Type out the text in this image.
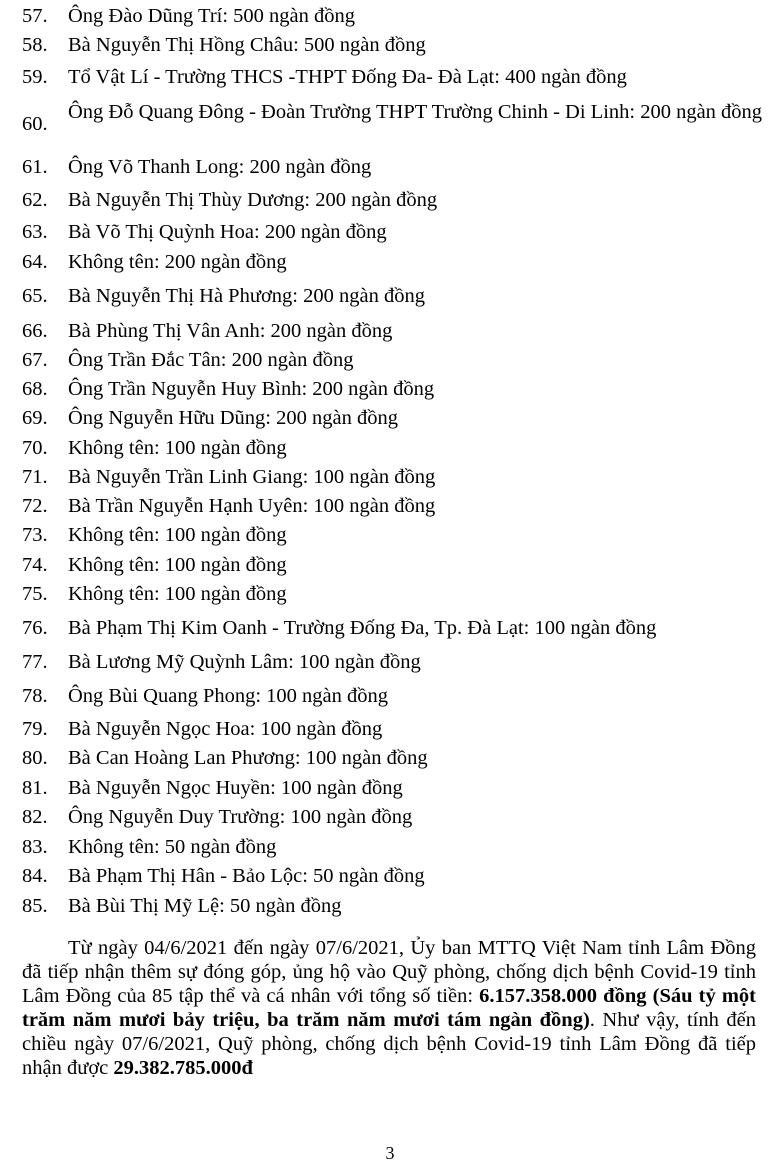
57. Ông Đào Dũng Trí: 500 ngàn đồng
58. Bà Nguyễn Thị Hồng Châu: 500 ngàn đồng
59. Tổ Vật Lí - Trường THCS -THPT Đống Đa- Đà Lạt: 400 ngàn đồng
60.
Ông Đỗ Quang Đông - Đoàn Trường THPT Trường Chinh - Di Linh: 200 ngàn đồng
61. Ông Võ Thanh Long: 200 ngàn đồng
62. Bà Nguyễn Thị Thùy Dương: 200 ngàn đồng
63. Bà Võ Thị Quỳnh Hoa: 200 ngàn đồng
64. Không tên: 200 ngàn đồng
65. Bà Nguyễn Thị Hà Phương: 200 ngàn đồng
66. Bà Phùng Thị Vân Anh: 200 ngàn đồng
67. Ông Trần Đắc Tân: 200 ngàn đồng
68. Ông Trần Nguyễn Huy Bình: 200 ngàn đồng
69. Ông Nguyễn Hữu Dũng: 200 ngàn đồng
70. Không tên: 100 ngàn đồng
71. Bà Nguyễn Trần Linh Giang: 100 ngàn đồng
72. Bà Trần Nguyễn Hạnh Uyên: 100 ngàn đồng
73. Không tên: 100 ngàn đồng
74. Không tên: 100 ngàn đồng
75. Không tên: 100 ngàn đồng
76. Bà Phạm Thị Kim Oanh - Trường Đống Đa, Tp. Đà Lạt: 100 ngàn đồng
77. Bà Lương Mỹ Quỳnh Lâm: 100 ngàn đồng
78. Ông Bùi Quang Phong: 100 ngàn đồng
79. Bà Nguyễn Ngọc Hoa: 100 ngàn đồng
80. Bà Can Hoàng Lan Phương: 100 ngàn đồng
81. Bà Nguyễn Ngọc Huyền: 100 ngàn đồng
82. Ông Nguyễn Duy Trường: 100 ngàn đồng
83. Không tên: 50 ngàn đồng
84. Bà Phạm Thị Hân - Bảo Lộc: 50 ngàn đồng
85. Bà Bùi Thị Mỹ Lệ: 50 ngàn đồng

Từ ngày 04/6/2021 đến ngày 07/6/2021, Ủy ban MTTQ Việt Nam tỉnh Lâm Đồng đã tiếp nhận thêm sự đóng góp, ủng hộ vào Quỹ phòng, chống dịch bệnh Covid-19 tỉnh Lâm Đồng của 85 tập thể và cá nhân với tổng số tiền: 6.157.358.000 đồng (Sáu tỷ một trăm năm mươi bảy triệu, ba trăm năm mươi tám ngàn đồng). Như vậy, tính đến chiều ngày 07/6/2021, Quỹ phòng, chống dịch bệnh Covid-19 tỉnh Lâm Đồng đã tiếp nhận được 29.382.785.000đ

3
